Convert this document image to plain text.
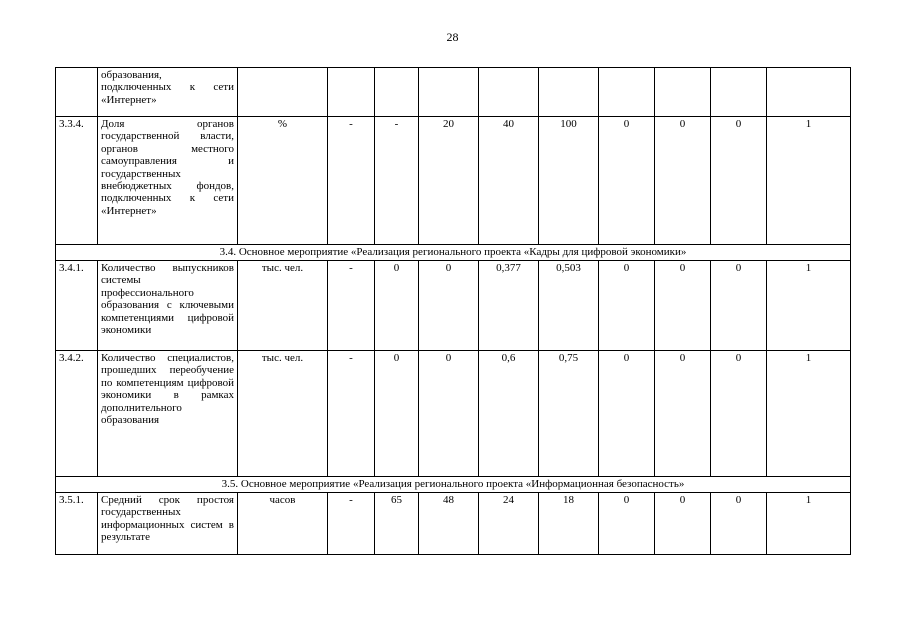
28
	образования, подключенных к сети «Интернет»										
3.3.4.	Доля органов государственной власти, органов местного самоуправления и государственных внебюджетных фондов, подключенных к сети «Интернет»	%	-	-	20	40	100	0	0	0	1
3.4. Основное мероприятие «Реализация регионального проекта «Кадры для цифровой экономики»											
3.4.1.	Количество выпускников системы профессионального образования с ключевыми компетенциями цифровой экономики	тыс. чел.	-	0	0	0,377	0,503	0	0	0	1
3.4.2.	Количество специалистов, прошедших переобучение по компетенциям цифровой экономики в рамках дополнительного образования	тыс. чел.	-	0	0	0,6	0,75	0	0	0	1
3.5. Основное мероприятие «Реализация регионального проекта «Информационная безопасность»											
3.5.1.	Средний срок простоя государственных информационных систем в результате	часов	-	65	48	24	18	0	0	0	1
